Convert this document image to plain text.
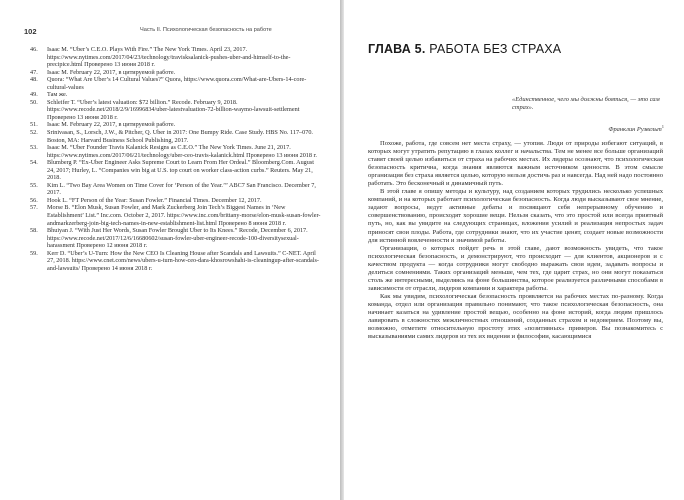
102	Часть II. Психологическая безопасность на работе
46.	Isaac M. “Uber’s C.E.O. Plays With Fire.” The New York Times. April 23, 2017. https://www.nytimes.com/2017/04/23/technology/travisksalanick-pushes-uber-and-himself-to-the-precipice.html Проверено 13 июня 2018 г.
47.	Isaac M. February 22, 2017, в цитируемой работе.
48.	Quora: “What Are Uber’s 14 Cultural Values?” Quora, https://www.quora.com/What-are-Ubers-14-core-cultural-values
49.	Там же.
50.	Schleifer T. “Uber’s latest valuation: $72 billion.” Recode. February 9, 2018. https://www.recode.net/2018/2/9/16996834/uber-latestvaluation-72-billion-waymo-lawsuit-settlement Проверено 13 июня 2018 г.
51.	Isaac M. February 22, 2017, в цитируемой работе.
52.	Srinivasan, S., Lorsch, J.W., & Pitcher, Q. Uber in 2017: One Bumpy Ride. Case Study. HBS No. 117–070. Boston, MA: Harvard Business School Publishing, 2017.
53.	Isaac M. “Uber Founder Travis Kalanick Resigns as C.E.O.” The New York Times. June 21, 2017. https://www.nytimes.com/2017/06/21/technology/uber-ceo-travis-kalanick.html Проверено 13 июня 2018 г.
54.	Blumberg P. “Ex-Uber Engineer Asks Supreme Court to Learn From Her Ordeal.” Bloomberg.Com. August 24, 2017; Hurley, L. “Companies win big at U.S. top court on worker class-action curbs.” Reuters. May 21, 2018.
55.	Kim L. “Two Bay Area Women on Time Cover for ‘Person of the Year.’” ABC7 San Francisco. December 7, 2017.
56.	Hook L. “FT Person of the Year: Susan Fowler.” Financial Times. December 12, 2017.
57.	Morse B. “Elon Musk, Susan Fowler, and Mark Zuckerberg Join Tech’s Biggest Names in ‘New Establishment’ List.” Inc.com. October 2, 2017. https://www.inc.com/brittany-morse/elon-musk-susan-fowler-andmarkzerberg-join-big-tech-names-in-new-establishment-list.html Проверено 8 июня 2018 г.
58.	Bhuiyan J. “With Just Her Words, Susan Fowler Brought Uber to Its Knees.” Recode, December 6, 2017. https://www.recode.net/2017/12/6/16680602/susan-fowler-uber-engineer-recode-100-diversitysexual-harassment Проверено 12 июня 2018 г.
59.	Kerr D. “Uber’s U-Turn: How the New CEO Is Cleaning House after Scandals and Lawsuits.” C-NET. April 27, 2018. https://www.cnet.com/news/ubers-u-turn-how-ceo-dara-khosrowshahi-is-cleaningup-after-scandals-and-lawsuits/ Проверено 14 июня 2018 г.
ГЛАВА 5. РАБОТА БЕЗ СТРАХА
«Единственное, чего мы должны бояться, — это сам страх».
Франклин Рузвельт$^1$

Похоже, работа, где совсем нет места страху, — утопия. Люди от природы избегают ситуаций, в которых могут утратить репутацию в глазах коллег и начальства. Тем не менее все больше организаций ставят своей целью избавиться от страха на рабочих местах. Их лидеры осознают, что психологическая безопасность критична, когда знания являются важным источником ценности. В этом смысле организация без страха является целью, которую нельзя достичь раз и навсегда. Над ней надо постоянно работать. Это бесконечный и динамичный путь.

В этой главе я опишу методы и культуру, над созданием которых трудились несколько успешных компаний, и на которых работает психологическая безопасность. Когда люди высказывают свое мнение, задают вопросы, ведут активные дебаты и посвящают себя непрерывному обучению и совершенствованию, происходят хорошие вещи. Нельзя сказать, что это простой или всегда приятный путь, но, как вы увидите на следующих страницах, вложения усилий и реализация непростых задач приносят свои плоды. Работа, где сотрудники знают, что их участие ценят, создает новые возможности для истинной вовлеченности и значимой работы.

Организации, о которых пойдет речь в этой главе, дают возможность увидеть, что такое психологическая безопасность, и демонстрируют, что происходит — для клиентов, акционеров и с качеством продукта — когда сотрудники могут свободно выражать свои идеи, задавать вопросы и делиться сомнениями. Таких организаций меньше, чем тех, где царит страх, но они могут показаться столь же интересными, выделяясь на фоне большинства, которое реализуется различными способами в зависимости от отрасли, лидеров компании и характера работы.

Как мы увидим, психологическая безопасность проявляется на рабочих местах по-разному. Когда команда, отдел или организация правильно понимают, что такое психологическая безопасность, она начинает казаться на удивление простой вещью, особенно на фоне историй, когда людям пришлось лавировать в сложностях межличностных отношений, созданных страхом и недоверием. Поэтому вы, возможно, отметите относительную простоту этих «позитивных» примеров. Вы познакомитесь с высказываниями самих лидеров из тех их видения и философии, касающимися
